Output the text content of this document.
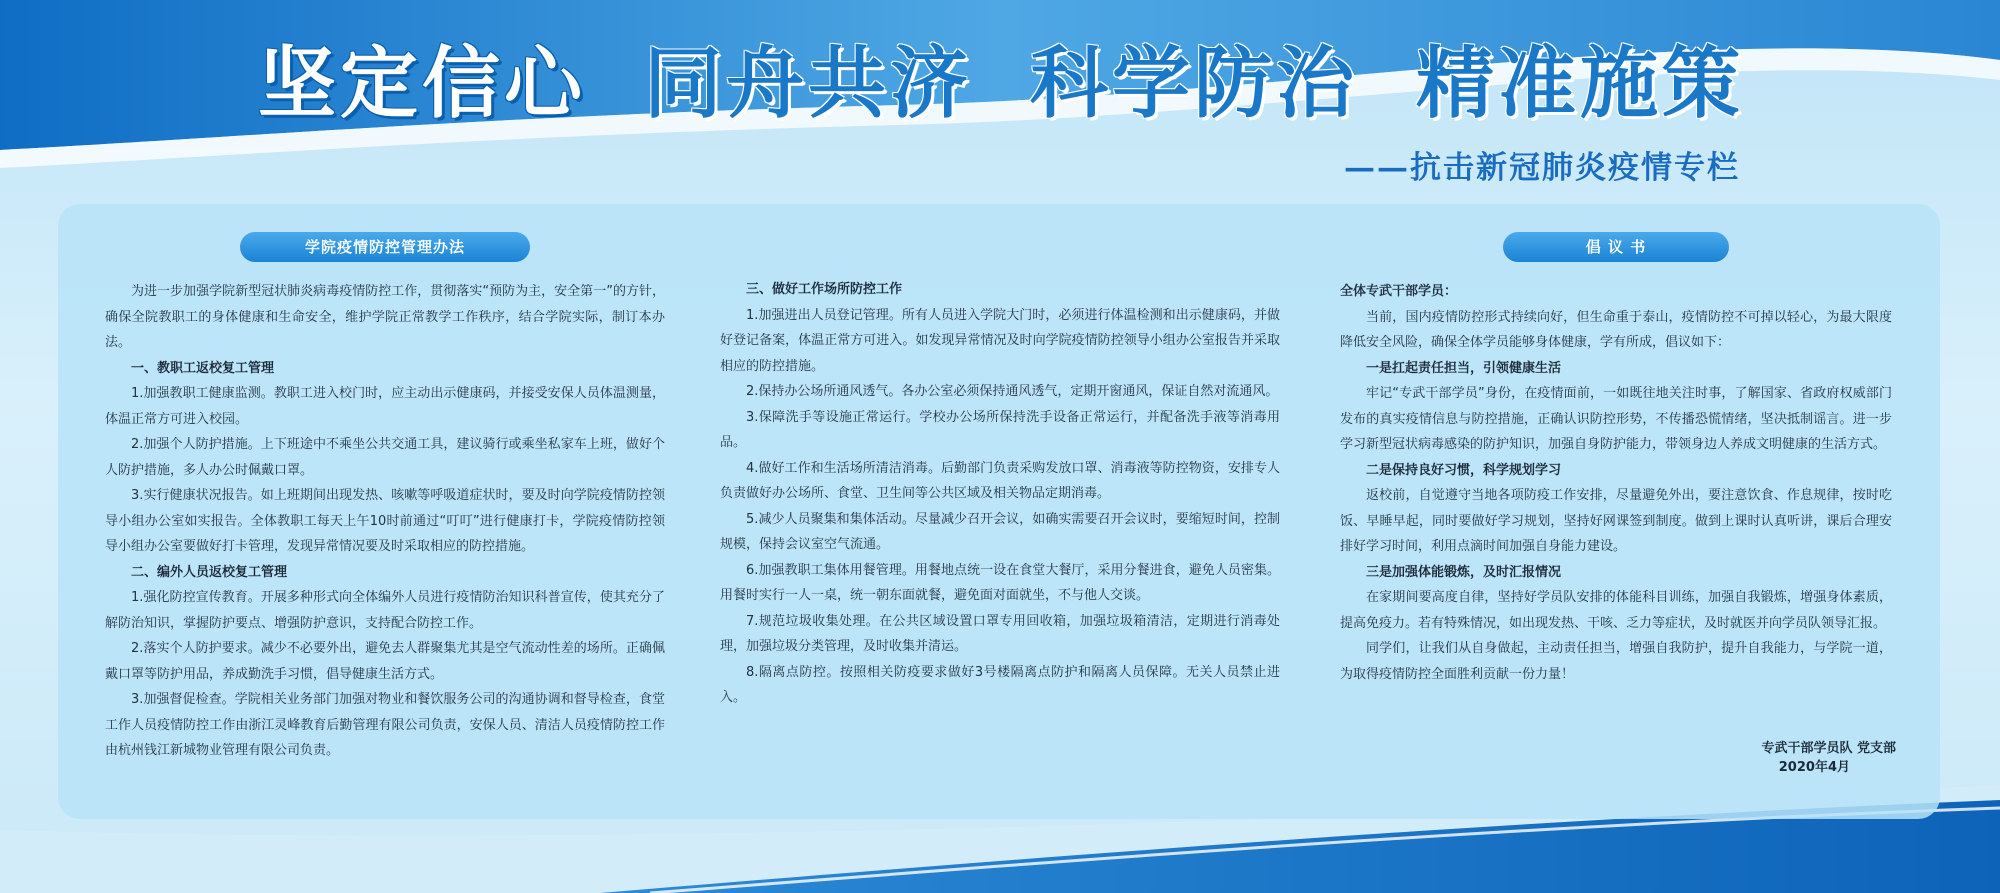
坚定信心 同舟共济 科学防治 精准施策
——抗击新冠肺炎疫情专栏
学院疫情防控管理办法

为进一步加强学院新型冠状肺炎病毒疫情防控工作，贯彻落实“预防为主，安全第一”的方针，确保全院教职工的身体健康和生命安全，维护学院正常教学工作秩序，结合学院实际，制订本办法。

一、教职工返校复工管理

1.加强教职工健康监测。教职工进入校门时，应主动出示健康码，并接受安保人员体温测量，体温正常方可进入校园。

2.加强个人防护措施。上下班途中不乘坐公共交通工具，建议骑行或乘坐私家车上班，做好个人防护措施，多人办公时佩戴口罩。

3.实行健康状况报告。如上班期间出现发热、咳嗽等呼吸道症状时，要及时向学院疫情防控领导小组办公室如实报告。全体教职工每天上午10时前通过“叮叮”进行健康打卡，学院疫情防控领导小组办公室要做好打卡管理，发现异常情况要及时采取相应的防控措施。

二、编外人员返校复工管理

1.强化防控宣传教育。开展多种形式向全体编外人员进行疫情防治知识科普宣传，使其充分了解防治知识，掌握防护要点、增强防护意识，支持配合防控工作。

2.落实个人防护要求。减少不必要外出，避免去人群聚集尤其是空气流动性差的场所。正确佩戴口罩等防护用品，养成勤洗手习惯，倡导健康生活方式。

3.加强督促检查。学院相关业务部门加强对物业和餐饮服务公司的沟通协调和督导检查，食堂工作人员疫情防控工作由浙江灵峰教育后勤管理有限公司负责，安保人员、清洁人员疫情防控工作由杭州钱江新城物业管理有限公司负责。

三、做好工作场所防控工作

1.加强进出人员登记管理。所有人员进入学院大门时，必须进行体温检测和出示健康码，并做好登记备案，体温正常方可进入。如发现异常情况及时向学院疫情防控领导小组办公室报告并采取相应的防控措施。

2.保持办公场所通风透气。各办公室必须保持通风透气，定期开窗通风，保证自然对流通风。

3.保障洗手等设施正常运行。学校办公场所保持洗手设备正常运行，并配备洗手液等消毒用品。

4.做好工作和生活场所清洁消毒。后勤部门负责采购发放口罩、消毒液等防控物资，安排专人负责做好办公场所、食堂、卫生间等公共区域及相关物品定期消毒。

5.减少人员聚集和集体活动。尽量减少召开会议，如确实需要召开会议时，要缩短时间，控制规模，保持会议室空气流通。

6.加强教职工集体用餐管理。用餐地点统一设在食堂大餐厅，采用分餐进食，避免人员密集。用餐时实行一人一桌，统一朝东面就餐，避免面对面就坐，不与他人交谈。

7.规范垃圾收集处理。在公共区域设置口罩专用回收箱，加强垃圾箱清洁，定期进行消毒处理，加强垃圾分类管理，及时收集并清运。

8.隔离点防控。按照相关防疫要求做好3号楼隔离点防护和隔离人员保障。无关人员禁止进入。

倡 议 书

全体专武干部学员：

当前，国内疫情防控形式持续向好，但生命重于泰山，疫情防控不可掉以轻心，为最大限度降低安全风险，确保全体学员能够身体健康，学有所成，倡议如下：

一是扛起责任担当，引领健康生活

牢记“专武干部学员”身份，在疫情面前，一如既往地关注时事，了解国家、省政府权威部门发布的真实疫情信息与防控措施，正确认识防控形势，不传播恐慌情绪，坚决抵制谣言。进一步学习新型冠状病毒感染的防护知识，加强自身防护能力，带领身边人养成文明健康的生活方式。

二是保持良好习惯，科学规划学习

返校前，自觉遵守当地各项防疫工作安排，尽量避免外出，要注意饮食、作息规律，按时吃饭、早睡早起，同时要做好学习规划，坚持好网课签到制度。做到上课时认真听讲，课后合理安排好学习时间，利用点滴时间加强自身能力建设。

三是加强体能锻炼，及时汇报情况

在家期间要高度自律，坚持好学员队安排的体能科目训练，加强自我锻炼，增强身体素质，提高免疫力。若有特殊情况，如出现发热、干咳、乏力等症状，及时就医并向学员队领导汇报。

同学们，让我们从自身做起，主动责任担当，增强自我防护，提升自我能力，与学院一道，为取得疫情防控全面胜利贡献一份力量！

专武干部学员队 党支部
2020年4月
